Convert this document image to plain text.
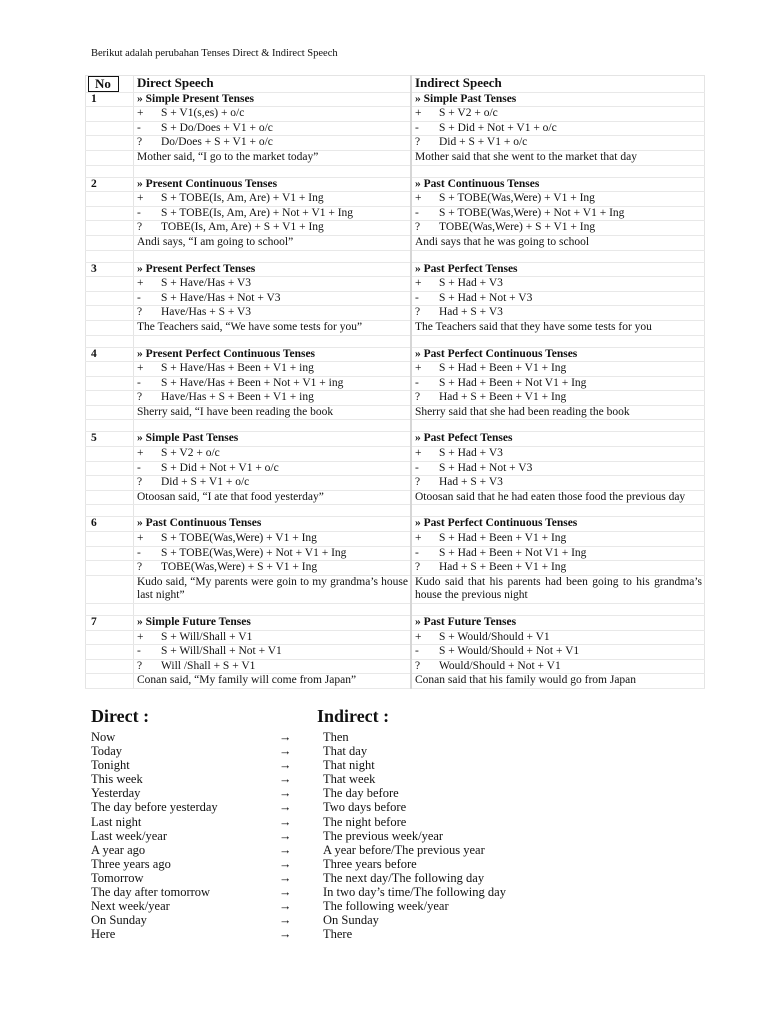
Berikut adalah perubahan Tenses Direct & Indirect Speech
No	Direct Speech	Indirect Speech
1	» Simple Present Tenses	» Simple Past Tenses
	+ S + V1(s,es) + o/c	+ S + V2 + o/c
	- S + Do/Does + V1 + o/c	- S + Did + Not + V1 + o/c
	? Do/Does + S + V1 + o/c	? Did + S + V1 + o/c
	Mother said, “I go to the market today”	Mother said that she went to the market that day

2	» Present Continuous Tenses	» Past Continuous Tenses
	+ S + TOBE(Is, Am, Are) + V1 + Ing	+ S + TOBE(Was,Were) + V1 + Ing
	- S + TOBE(Is, Am, Are) + Not + V1 + Ing	- S + TOBE(Was,Were) + Not + V1 + Ing
	? TOBE(Is, Am, Are) + S + V1 + Ing	? TOBE(Was,Were) + S + V1 + Ing
	Andi says, “I am going to school”	Andi says that he was going to school

3	» Present Perfect Tenses	» Past Perfect Tenses
	+ S + Have/Has + V3	+ S + Had + V3
	- S + Have/Has + Not + V3	- S + Had + Not + V3
	? Have/Has + S + V3	? Had + S + V3
	The Teachers said, “We have some tests for you”	The Teachers said that they have some tests for you

4	» Present Perfect Continuous Tenses	» Past Perfect Continuous Tenses
	+ S + Have/Has + Been + V1 + ing	+ S + Had + Been + V1 + Ing
	- S + Have/Has + Been + Not + V1 + ing	- S + Had + Been + Not V1 + Ing
	? Have/Has + S + Been + V1 + ing	? Had + S + Been + V1 + Ing
	Sherry said, “I have been reading the book	Sherry said that she had been reading the book

5	» Simple Past Tenses	» Past Pefect Tenses
	+ S + V2 + o/c	+ S + Had + V3
	- S + Did + Not + V1 + o/c	- S + Had + Not + V3
	? Did + S + V1 + o/c	? Had + S + V3
	Otoosan said, “I ate that food yesterday”	Otoosan said that he had eaten those food the previous day

6	» Past Continuous Tenses	» Past Perfect Continuous Tenses
	+ S + TOBE(Was,Were) + V1 + Ing	+ S + Had + Been + V1 + Ing
	- S + TOBE(Was,Were) + Not + V1 + Ing	- S + Had + Been + Not V1 + Ing
	? TOBE(Was,Were) + S + V1 + Ing	? Had + S + Been + V1 + Ing
	Kudo said, “My parents were goin to my grandma’s house last night”	Kudo said that his parents had been going to his grandma’s house the previous night

7	» Simple Future Tenses	» Past Future Tenses
	+ S + Will/Shall + V1	+ S + Would/Should + V1
	- S + Will/Shall + Not + V1	- S + Would/Should + Not + V1
	? Will /Shall + S + V1	? Would/Should + Not + V1
	Conan said, “My family will come from Japan”	Conan said that his family would go from Japan
Direct :	Indirect :
Now	→	Then
Today	→	That day
Tonight	→	That night
This week	→	That week
Yesterday	→	The day before
The day before yesterday	→	Two days before
Last night	→	The night before
Last week/year	→	The previous week/year
A year ago	→	A year before/The previous year
Three years ago	→	Three years before
Tomorrow	→	The next day/The following day
The day after tomorrow	→	In two day’s time/The following day
Next week/year	→	The following week/year
On Sunday	→	On Sunday
Here	→	There
